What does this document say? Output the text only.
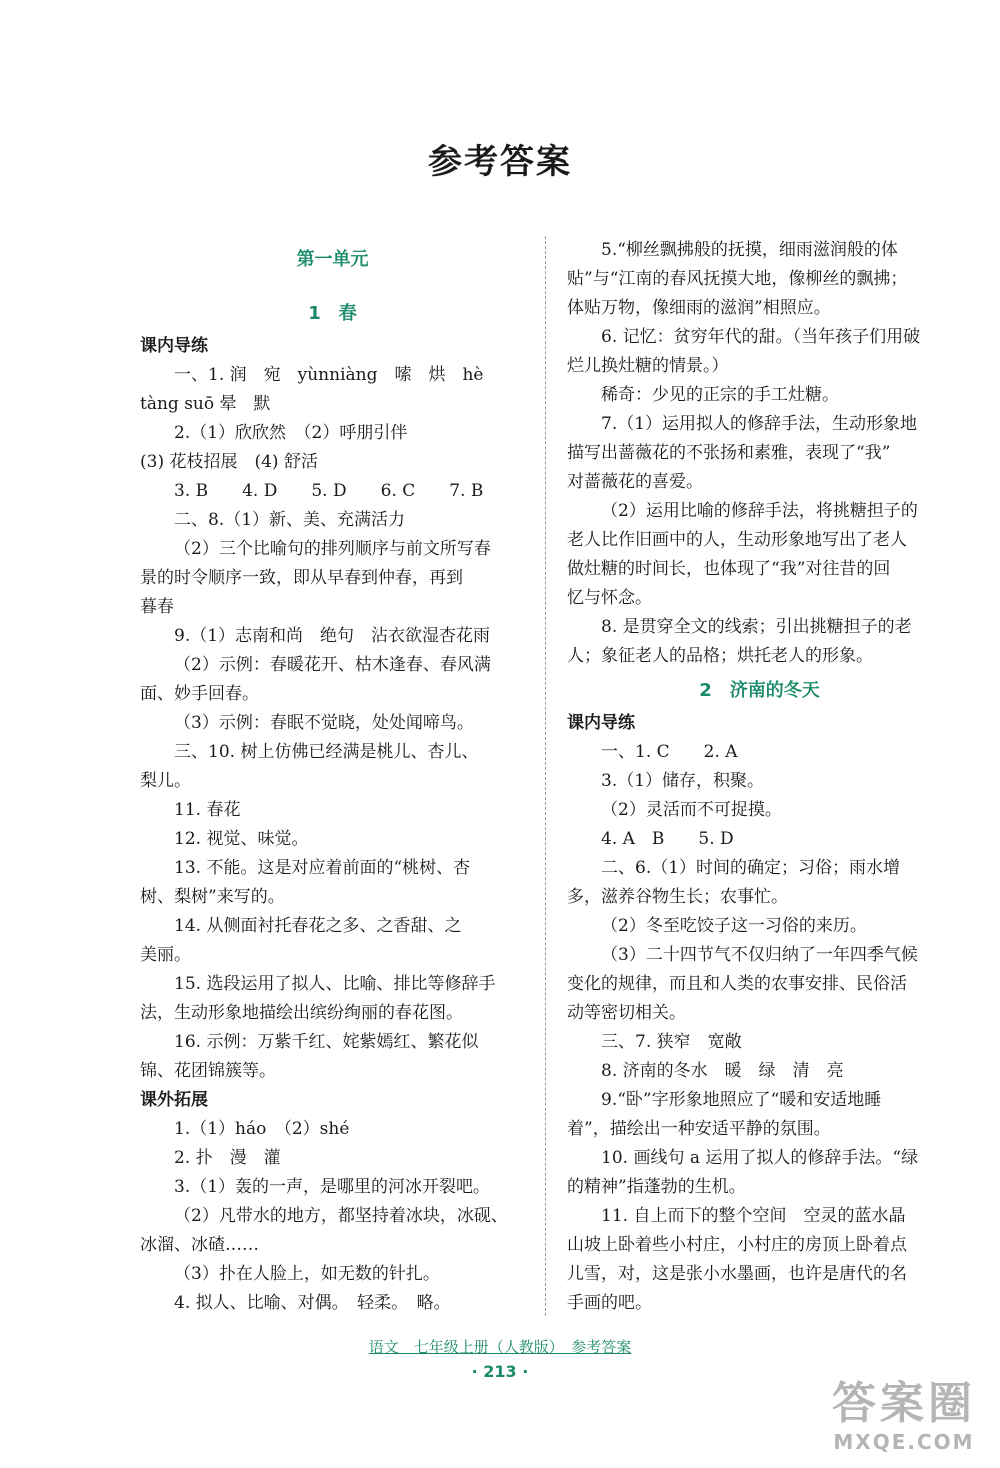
参考答案
第一单元
1　春
课内导练
一、1. 润　宛　yùnniàng　嗦　烘　hè
tàng suō 晕　默
2.（1）欣欣然　（2）呼朋引伴
(3) 花枝招展　(4) 舒活
3. B　　4. D　　5. D　　6. C　　7. B
二、8.（1）新、美、充满活力
（2）三个比喻句的排列顺序与前文所写春
景的时令顺序一致，即从早春到仲春，再到
暮春
9.（1）志南和尚　绝句　沾衣欲湿杏花雨
（2）示例：春暖花开、枯木逢春、春风满
面、妙手回春。
（3）示例：春眠不觉晓，处处闻啼鸟。
三、10. 树上仿佛已经满是桃儿、杏儿、
梨儿。
11. 春花
12. 视觉、味觉。
13. 不能。这是对应着前面的“桃树、杏
树、梨树”来写的。
14. 从侧面衬托春花之多、之香甜、之
美丽。
15. 选段运用了拟人、比喻、排比等修辞手
法，生动形象地描绘出缤纷绚丽的春花图。
16. 示例：万紫千红、姹紫嫣红、繁花似
锦、花团锦簇等。
课外拓展
1.（1）háo　（2）shé
2. 扑　漫　灌
3.（1）轰的一声，是哪里的河冰开裂吧。
（2）凡带水的地方，都坚持着冰块，冰砚、
冰溜、冰碴……
（3）扑在人脸上，如无数的针扎。
4. 拟人、比喻、对偶。　轻柔。　略。
5.“柳丝飘拂般的抚摸，细雨滋润般的体
贴”与“江南的春风抚摸大地，像柳丝的飘拂；
体贴万物，像细雨的滋润”相照应。
6. 记忆：贫穷年代的甜。（当年孩子们用破
烂儿换灶糖的情景。）
稀奇：少见的正宗的手工灶糖。
7.（1）运用拟人的修辞手法，生动形象地
描写出蔷薇花的不张扬和素雅，表现了“我”
对蔷薇花的喜爱。
（2）运用比喻的修辞手法，将挑糖担子的
老人比作旧画中的人，生动形象地写出了老人
做灶糖的时间长，也体现了“我”对往昔的回
忆与怀念。
8. 是贯穿全文的线索；引出挑糖担子的老
人；象征老人的品格；烘托老人的形象。
2　济南的冬天
课内导练
一、1. C　　2. A
3.（1）储存，积聚。
（2）灵活而不可捉摸。
4. A　B　　5. D
二、6.（1）时间的确定；习俗；雨水增
多，滋养谷物生长；农事忙。
（2）冬至吃饺子这一习俗的来历。
（3）二十四节气不仅归纳了一年四季气候
变化的规律，而且和人类的农事安排、民俗活
动等密切相关。
三、7. 狭窄　宽敞
8. 济南的冬水　暖　绿　清　亮
9.“卧”字形象地照应了“暖和安适地睡
着”，描绘出一种安适平静的氛围。
10. 画线句 a 运用了拟人的修辞手法。“绿
的精神”指蓬勃的生机。
11. 自上而下的整个空间　空灵的蓝水晶
山坡上卧着些小村庄，小村庄的房顶上卧着点
儿雪，对，这是张小水墨画，也许是唐代的名
手画的吧。
语文　七年级上册（人教版）　参考答案
· 213 ·
答案圈
MXQE.COM
